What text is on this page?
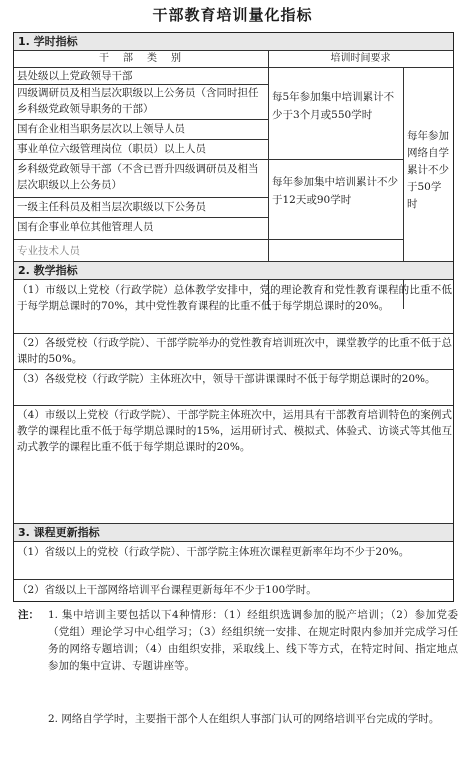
干部教育培训量化指标
1. 学时指标
干　部　类　别	培训时间要求
县处级以上党政领导干部
四级调研员及相当层次职级以上公务员（含同时担任乡科级党政领导职务的干部）
国有企业相当职务层次以上领导人员
事业单位六级管理岗位（职员）以上人员
乡科级党政领导干部（不含已晋升四级调研员及相当层次职级以上公务员）
一级主任科员及相当层次职级以下公务员
国有企事业单位其他管理人员
专业技术人员
每5年参加集中培训累计不少于3个月或550学时
每年参加集中培训累计不少于12天或90学时
每年参加网络自学累计不少于50学时
2. 教学指标
（1）市级以上党校（行政学院）总体教学安排中，党的理论教育和党性教育课程的比重不低于每学期总课时的70%，其中党性教育课程的比重不低于每学期总课时的20%。
（2）各级党校（行政学院）、干部学院举办的党性教育培训班次中，课堂教学的比重不低于总课时的50%。
（3）各级党校（行政学院）主体班次中，领导干部讲课课时不低于每学期总课时的20%。
（4）市级以上党校（行政学院）、干部学院主体班次中，运用具有干部教育培训特色的案例式教学的课程比重不低于每学期总课时的15%，运用研讨式、模拟式、体验式、访谈式等其他互动式教学的课程比重不低于每学期总课时的20%。
3. 课程更新指标
（1）省级以上的党校（行政学院）、干部学院主体班次课程更新率年均不少于20%。
（2）省级以上干部网络培训平台课程更新每年不少于100学时。
注： 1. 集中培训主要包括以下4种情形：（1）经组织选调参加的脱产培训；（2）参加党委（党组）理论学习中心组学习；（3）经组织统一安排、在规定时限内参加并完成学习任务的网络专题培训；（4）由组织安排，采取线上、线下等方式，在特定时间、指定地点参加的集中宣讲、专题讲座等。
2. 网络自学学时，主要指干部个人在组织人事部门认可的网络培训平台完成的学时。
